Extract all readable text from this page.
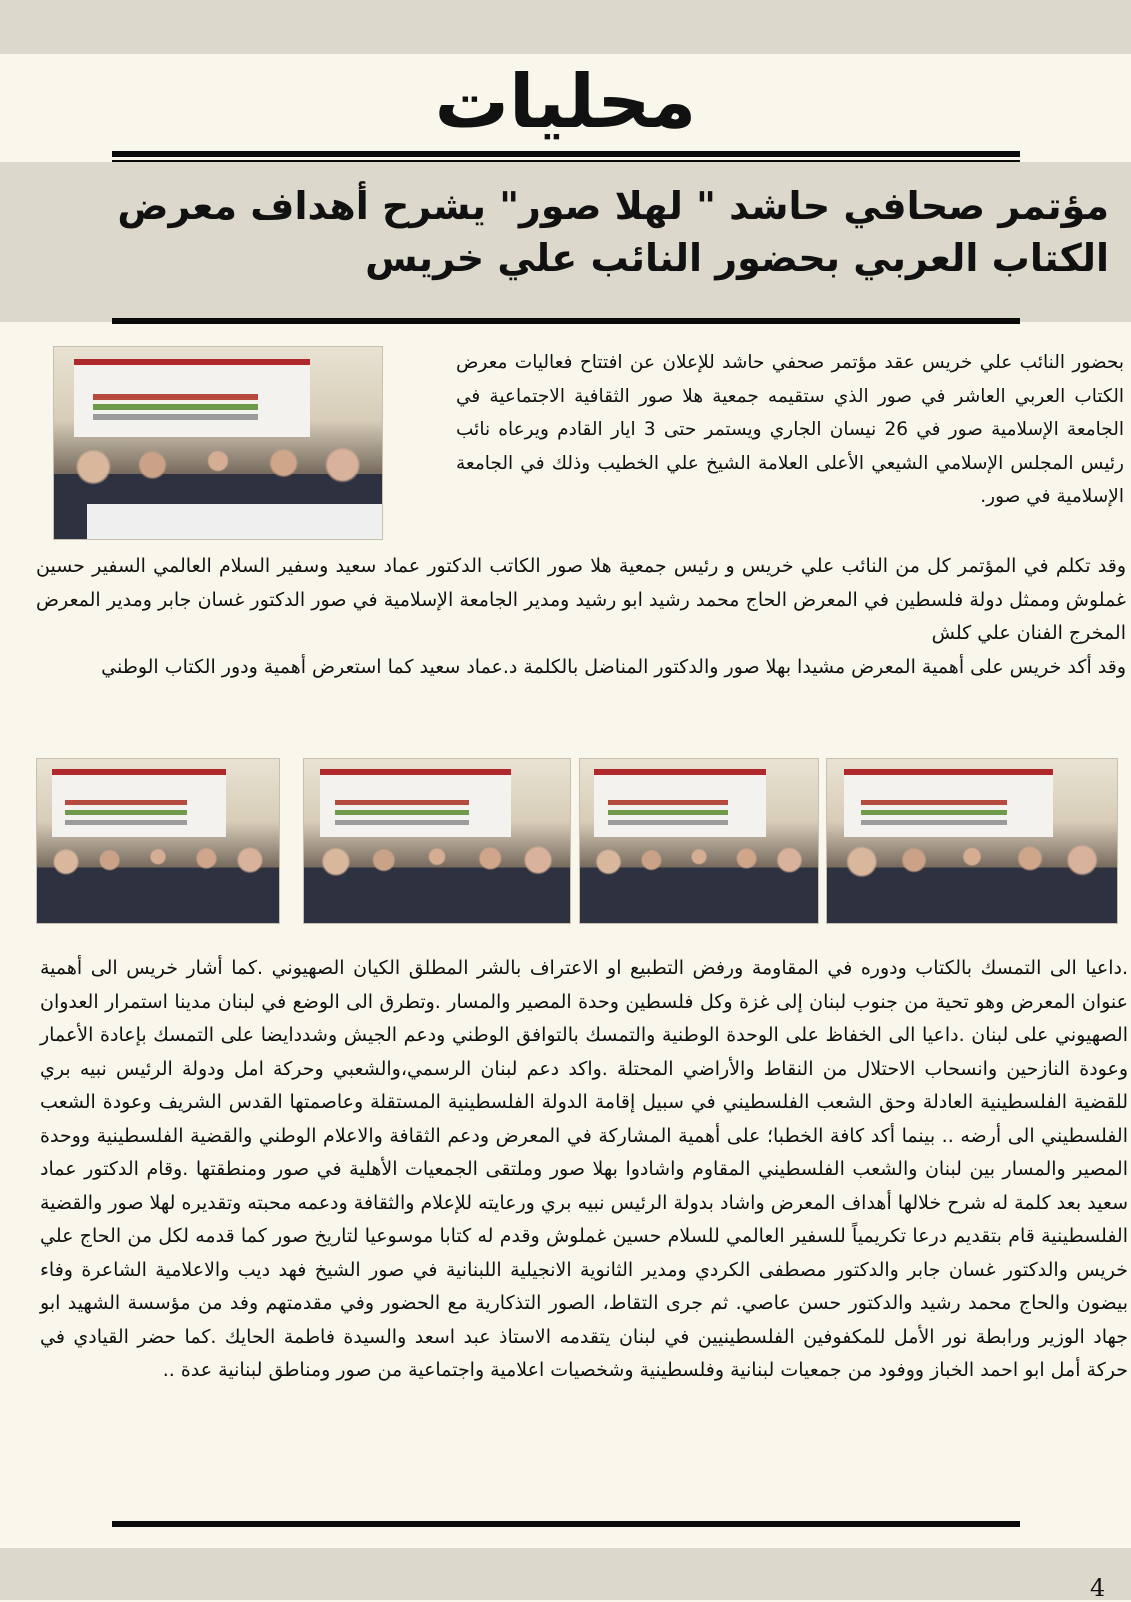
محليات
مؤتمر صحافي حاشد " لهلا صور" يشرح أهداف معرض الكتاب العربي بحضور النائب علي خريس
بحضور النائب علي خريس عقد مؤتمر صحفي حاشد للإعلان عن افتتاح فعاليات معرض الكتاب العربي العاشر في صور الذي ستقيمه جمعية هلا صور الثقافية الاجتماعية في الجامعة الإسلامية صور في 26 نيسان الجاري ويستمر حتى 3 ايار القادم ويرعاه نائب رئيس المجلس الإسلامي الشيعي الأعلى العلامة الشيخ علي الخطيب وذلك في الجامعة الإسلامية في صور.
وقد تكلم في المؤتمر كل من النائب علي خريس و رئيس جمعية هلا صور الكاتب الدكتور عماد سعيد وسفير السلام العالمي السفير حسين غملوش وممثل دولة فلسطين في المعرض الحاج محمد رشيد ابو رشيد ومدير الجامعة الإسلامية في صور الدكتور غسان جابر ومدير المعرض المخرج الفنان علي كلش
وقد أكد خريس على أهمية المعرض مشيدا بهلا صور والدكتور المناضل بالكلمة د.عماد سعيد كما استعرض أهمية ودور الكتاب الوطني
.داعيا الى التمسك بالكتاب ودوره في المقاومة ورفض التطبيع او الاعتراف بالشر المطلق الكيان الصهيوني .كما أشار خريس الى أهمية عنوان المعرض وهو تحية من جنوب لبنان إلى غزة وكل فلسطين وحدة المصير والمسار .وتطرق الى الوضع في لبنان مدينا استمرار العدوان الصهيوني على لبنان .داعيا الى الخفاظ على الوحدة الوطنية والتمسك بالتوافق الوطني ودعم الجيش وشددايضا على التمسك بإعادة الأعمار وعودة النازحين وانسحاب الاحتلال من النقاط والأراضي المحتلة .واكد دعم لبنان الرسمي،والشعبي وحركة امل ودولة الرئيس نبيه بري للقضية الفلسطينية العادلة وحق الشعب الفلسطيني في سبيل إقامة الدولة الفلسطينية المستقلة وعاصمتها القدس الشريف وعودة الشعب الفلسطيني الى أرضه .. بينما أكد كافة الخطبا؛ على أهمية المشاركة في المعرض ودعم الثقافة والاعلام الوطني والقضية الفلسطينية ووحدة المصير والمسار بين لبنان والشعب الفلسطيني المقاوم واشادوا بهلا صور وملتقى الجمعيات الأهلية في صور ومنطقتها .وقام الدكتور عماد سعيد بعد كلمة له شرح خلالها أهداف المعرض واشاد بدولة الرئيس نبيه بري ورعايته للإعلام والثقافة ودعمه محبته وتقديره لهلا صور والقضية الفلسطينية قام بتقديم درعا تكريمياً للسفير العالمي للسلام حسين غملوش وقدم له كتابا موسوعيا لتاريخ صور كما قدمه لكل من الحاج علي خريس والدكتور غسان جابر والدكتور مصطفى الكردي ومدير الثانوية الانجيلية اللبنانية في صور الشيخ فهد ديب والاعلامية الشاعرة وفاء بيضون والحاج محمد رشيد والدكتور حسن عاصي. ثم جرى التقاط، الصور التذكارية مع الحضور وفي مقدمتهم وفد من مؤسسة الشهيد ابو جهاد الوزير ورابطة نور الأمل للمكفوفين الفلسطينيين في لبنان يتقدمه الاستاذ عبد اسعد والسيدة فاطمة الحايك .كما حضر القيادي في حركة أمل ابو احمد الخباز ووفود من جمعيات لبنانية وفلسطينية وشخصيات اعلامية واجتماعية من صور ومناطق لبنانية عدة ..
4
